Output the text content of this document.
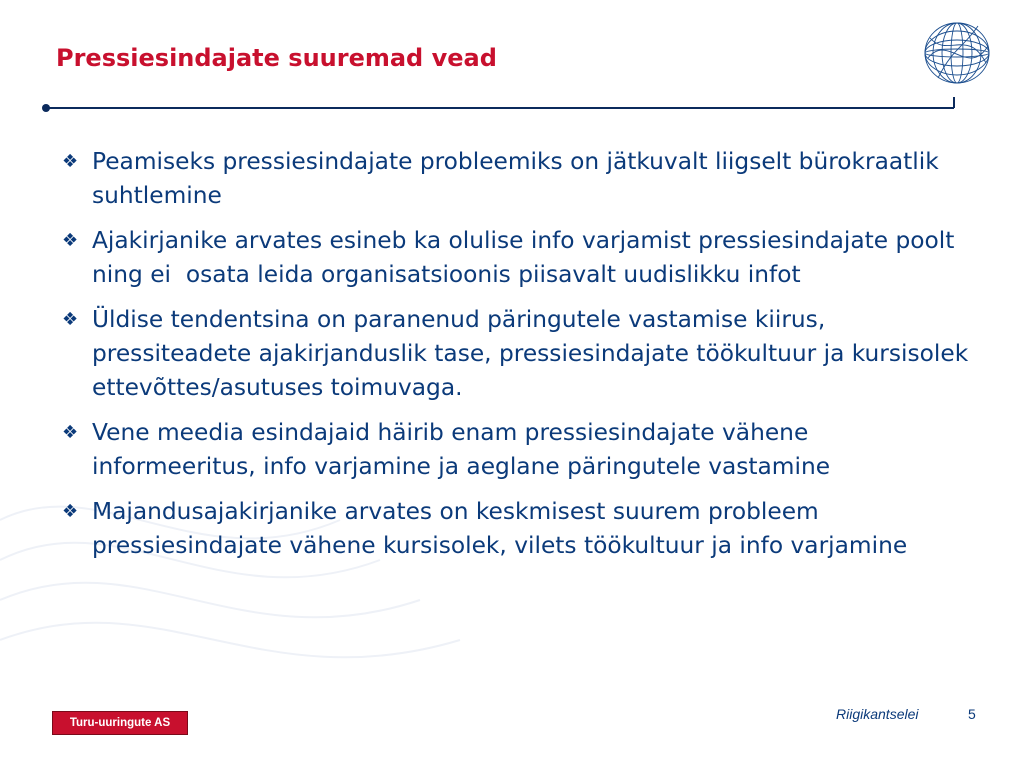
Pressiesindajate suuremad vead
❖ Peamiseks pressiesindajate probleemiks on jätkuvalt liigselt bürokraatlik suhtlemine
❖ Ajakirjanike arvates esineb ka olulise info varjamist pressiesindajate poolt  ning ei  osata leida organisatsioonis piisavalt uudislikku infot
❖ Üldise tendentsina on paranenud päringutele vastamise kiirus, pressiteadete ajakirjanduslik tase, pressiesindajate töökultuur ja kursisolek ettevõttes/asutuses toimuvaga.
❖ Vene meedia esindajaid häirib enam pressiesindajate vähene informeeritus, info varjamine ja aeglane päringutele vastamine
❖ Majandusajakirjanike arvates on keskmisest suurem probleem pressiesindajate vähene kursisolek, vilets töökultuur ja info varjamine
Turu-uuringute AS
Riigikantselei	5
